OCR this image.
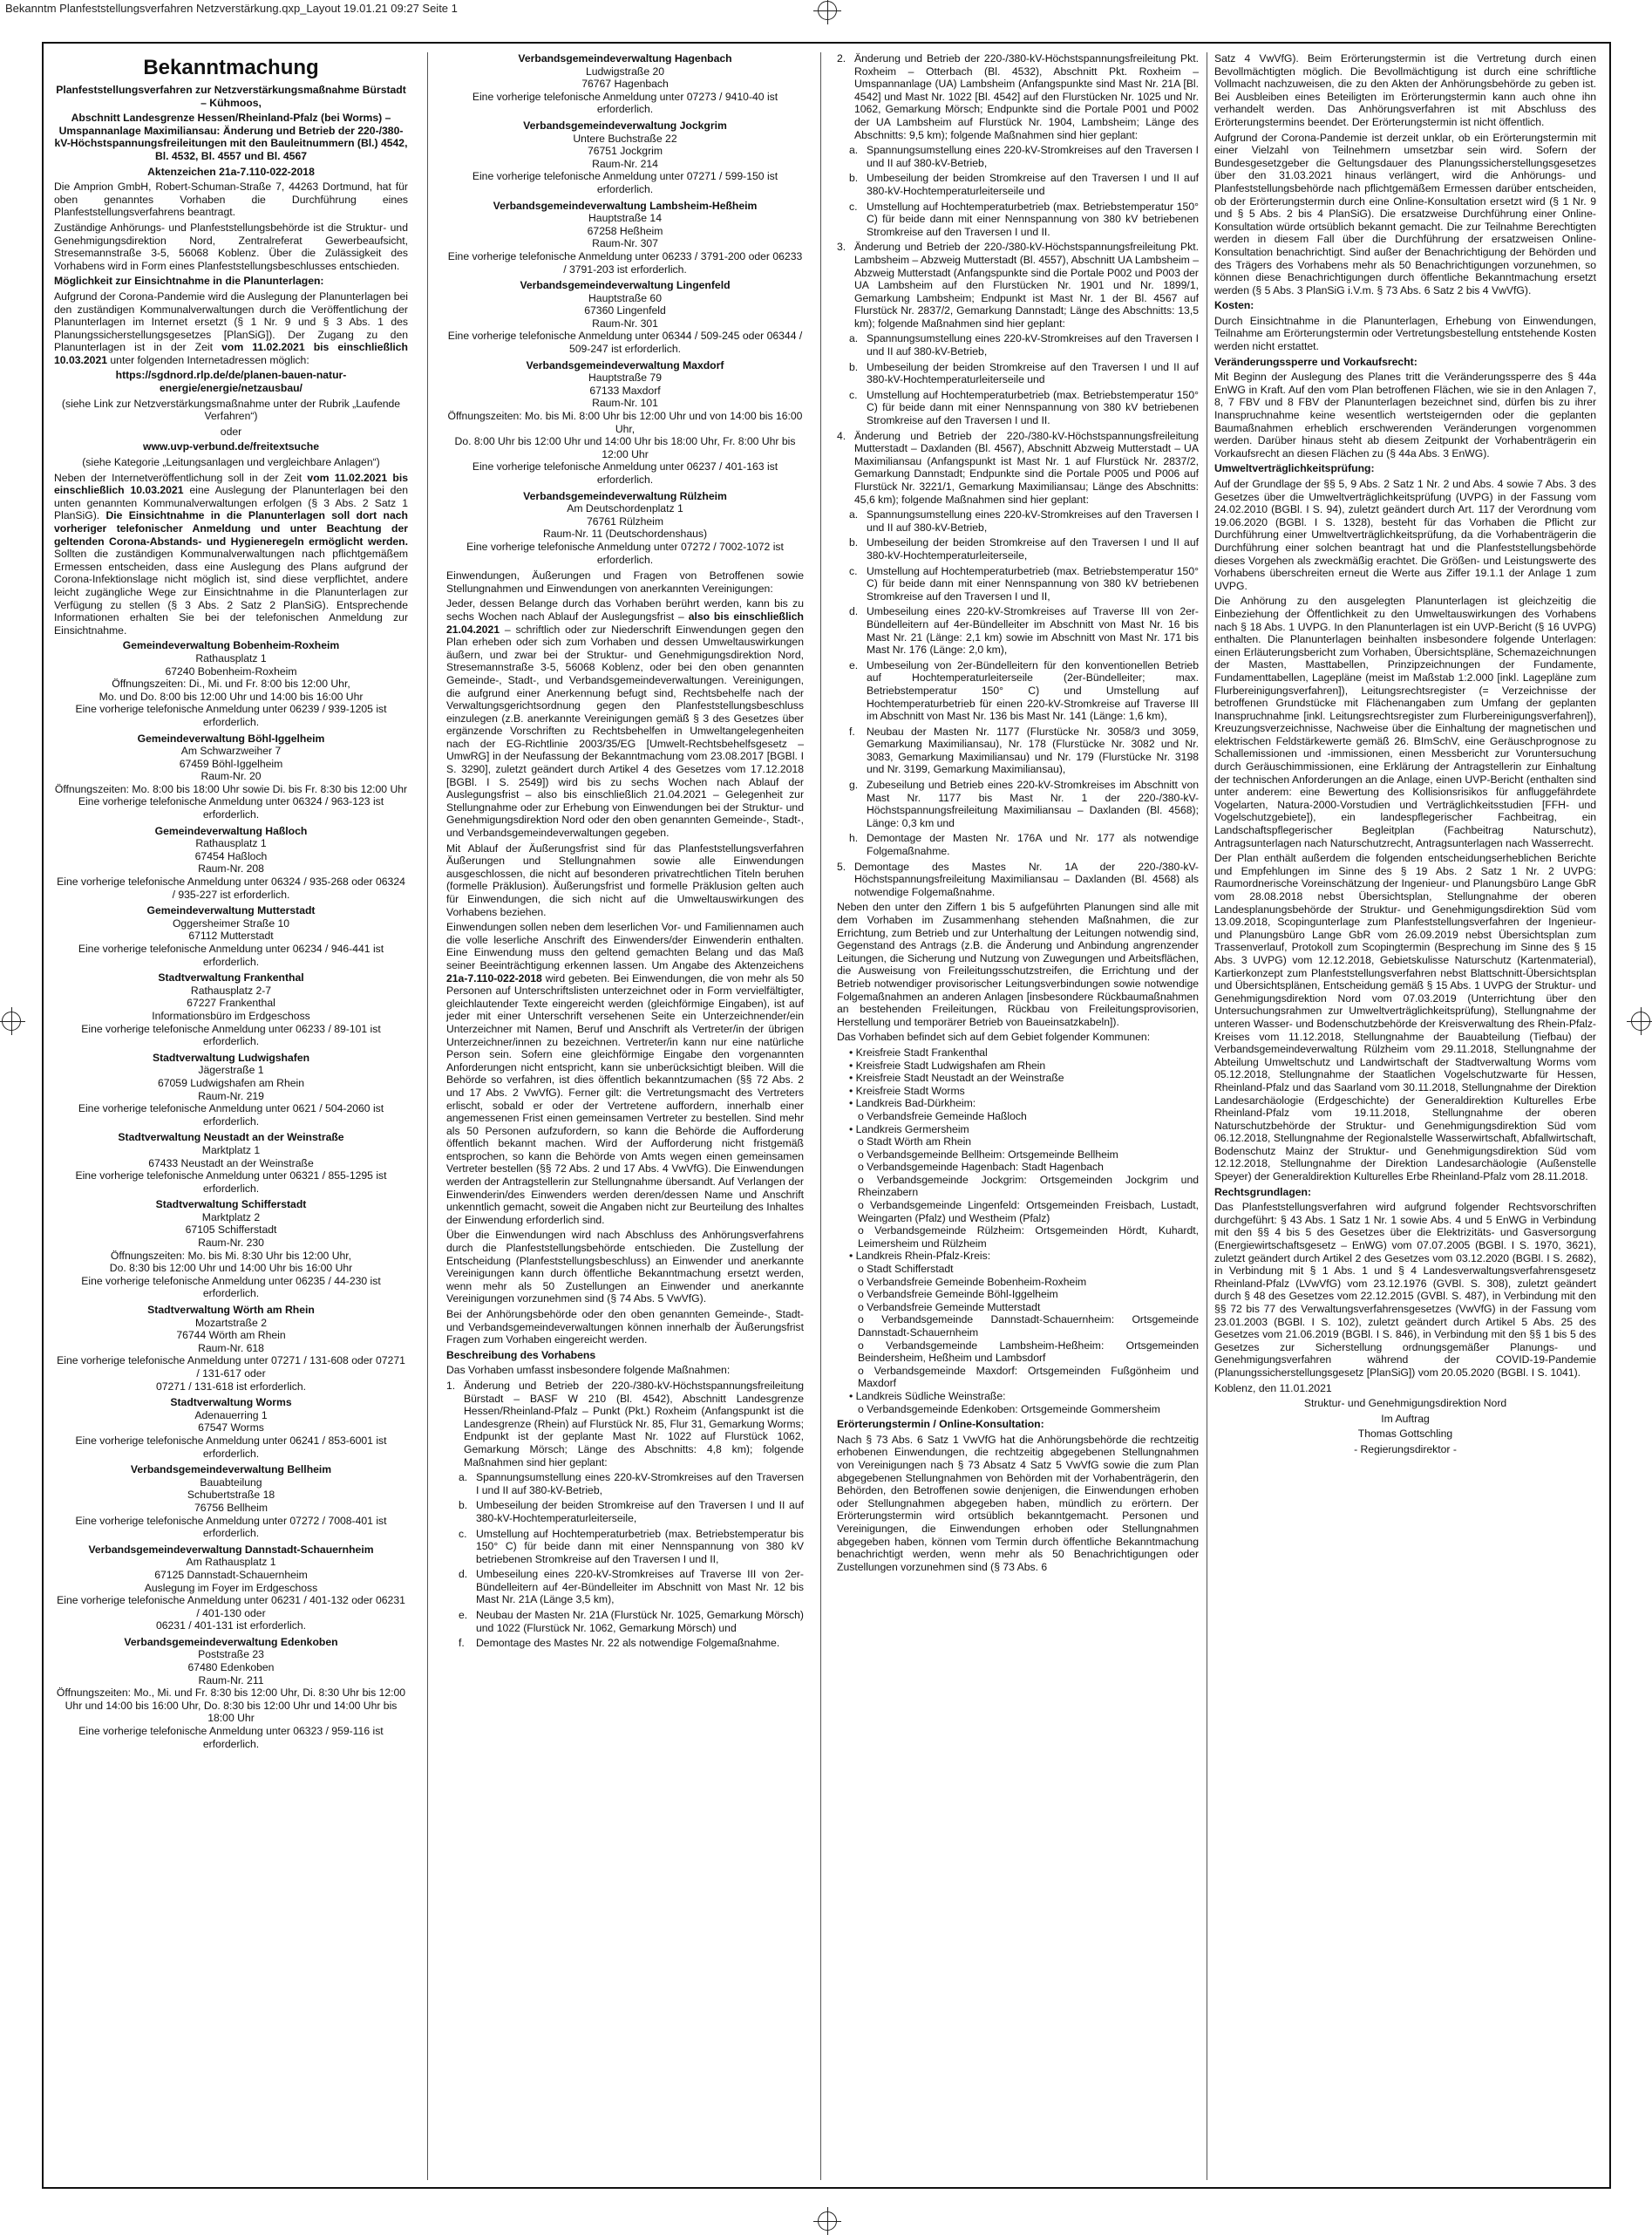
Bekanntm Planfeststellungsverfahren Netzverstärkung.qxp_Layout 19.01.21 09:27 Seite 1
Bekanntmachung

Planfeststellungsverfahren zur Netzverstärkungsmaßnahme Bürstadt – Kühmoos,

Abschnitt Landesgrenze Hessen/Rheinland-Pfalz (bei Worms) – Umspannanlage Maximiliansau: Änderung und Betrieb der 220-/380-kV-Höchstspannungsfreileitungen mit den Bauleitnummern (Bl.) 4542, Bl. 4532, Bl. 4557 und Bl. 4567

Aktenzeichen 21a-7.110-022-2018

Die Amprion GmbH, Robert-Schuman-Straße 7, 44263 Dortmund, hat für oben genanntes Vorhaben die Durchführung eines Planfeststellungsverfahrens beantragt.

Zuständige Anhörungs- und Planfeststellungsbehörde ist die Struktur- und Genehmigungsdirektion Nord, Zentralreferat Gewerbeaufsicht, Stresemannstraße 3-5, 56068 Koblenz. Über die Zulässigkeit des Vorhabens wird in Form eines Planfeststellungsbeschlusses entschieden.

Möglichkeit zur Einsichtnahme in die Planunterlagen:

Aufgrund der Corona-Pandemie wird die Auslegung der Planunterlagen bei den zuständigen Kommunalverwaltungen durch die Veröffentlichung der Planunterlagen im Internet ersetzt (§ 1 Nr. 9 und § 3 Abs. 1 des Planungssicherstellungsgesetzes [PlanSiG]). Der Zugang zu den Planunterlagen ist in der Zeit vom 11.02.2021 bis einschließlich 10.03.2021 unter folgenden Internetadressen möglich:

https://sgdnord.rlp.de/de/planen-bauen-natur-energie/energie/netzausbau/

(siehe Link zur Netzverstärkungsmaßnahme unter der Rubrik „Laufende Verfahren“)

oder

www.uvp-verbund.de/freitextsuche

(siehe Kategorie „Leitungsanlagen und vergleichbare Anlagen“)

Neben der Internetveröffentlichung soll in der Zeit vom 11.02.2021 bis einschließlich 10.03.2021 eine Auslegung der Planunterlagen bei den unten genannten Kommunalverwaltungen erfolgen (§ 3 Abs. 2 Satz 1 PlanSiG). Die Einsichtnahme in die Planunterlagen soll dort nach vorheriger telefonischer Anmeldung und unter Beachtung der geltenden Corona-Abstands- und Hygieneregeln ermöglicht werden. Sollten die zuständigen Kommunalverwaltungen nach pflichtgemäßem Ermessen entscheiden, dass eine Auslegung des Plans aufgrund der Corona-Infektionslage nicht möglich ist, sind diese verpflichtet, andere leicht zugängliche Wege zur Einsichtnahme in die Planunterlagen zur Verfügung zu stellen (§ 3 Abs. 2 Satz 2 PlanSiG). Entsprechende Informationen erhalten Sie bei der telefonischen Anmeldung zur Einsichtnahme.

Gemeindeverwaltung Bobenheim-Roxheim
Rathausplatz 1
67240 Bobenheim-Roxheim
Öffnungszeiten: Di., Mi. und Fr. 8:00 bis 12:00 Uhr,
Mo. und Do. 8:00 bis 12:00 Uhr und 14:00 bis 16:00 Uhr
Eine vorherige telefonische Anmeldung unter 06239 / 939-1205 ist erforderlich.
Gemeindeverwaltung Böhl-Iggelheim
Am Schwarzweiher 7
67459 Böhl-Iggelheim
Raum-Nr. 20
Öffnungszeiten: Mo. 8:00 bis 18:00 Uhr sowie Di. bis Fr. 8:30 bis 12:00 Uhr
Eine vorherige telefonische Anmeldung unter 06324 / 963-123 ist erforderlich.
Gemeindeverwaltung Haßloch
Rathausplatz 1
67454 Haßloch
Raum-Nr. 208
Eine vorherige telefonische Anmeldung unter 06324 / 935-268 oder 06324 / 935-227 ist erforderlich.
Gemeindeverwaltung Mutterstadt
Oggersheimer Straße 10
67112 Mutterstadt
Eine vorherige telefonische Anmeldung unter 06234 / 946-441 ist erforderlich.
Stadtverwaltung Frankenthal
Rathausplatz 2-7
67227 Frankenthal
Informationsbüro im Erdgeschoss
Eine vorherige telefonische Anmeldung unter 06233 / 89-101 ist erforderlich.
Stadtverwaltung Ludwigshafen
Jägerstraße 1
67059 Ludwigshafen am Rhein
Raum-Nr. 219
Eine vorherige telefonische Anmeldung unter 0621 / 504-2060 ist erforderlich.
Stadtverwaltung Neustadt an der Weinstraße
Marktplatz 1
67433 Neustadt an der Weinstraße
Eine vorherige telefonische Anmeldung unter 06321 / 855-1295 ist erforderlich.
Stadtverwaltung Schifferstadt
Marktplatz 2
67105 Schifferstadt
Raum-Nr. 230
Öffnungszeiten: Mo. bis Mi. 8:30 Uhr bis 12:00 Uhr,
Do. 8:30 bis 12:00 Uhr und 14:00 Uhr bis 16:00 Uhr
Eine vorherige telefonische Anmeldung unter 06235 / 44-230 ist erforderlich.
Stadtverwaltung Wörth am Rhein
Mozartstraße 2
76744 Wörth am Rhein
Raum-Nr. 618
Eine vorherige telefonische Anmeldung unter 07271 / 131-608 oder 07271 / 131-617 oder
07271 / 131-618 ist erforderlich.
Stadtverwaltung Worms
Adenauerring 1
67547 Worms
Eine vorherige telefonische Anmeldung unter 06241 / 853-6001 ist erforderlich.
Verbandsgemeindeverwaltung Bellheim
Bauabteilung
Schubertstraße 18
76756 Bellheim
Eine vorherige telefonische Anmeldung unter 07272 / 7008-401 ist erforderlich.
Verbandsgemeindeverwaltung Dannstadt-Schauernheim
Am Rathausplatz 1
67125 Dannstadt-Schauernheim
Auslegung im Foyer im Erdgeschoss
Eine vorherige telefonische Anmeldung unter 06231 / 401-132 oder 06231 / 401-130 oder
06231 / 401-131 ist erforderlich.
Verbandsgemeindeverwaltung Edenkoben
Poststraße 23
67480 Edenkoben
Raum-Nr. 211
Öffnungszeiten: Mo., Mi. und Fr. 8:30 bis 12:00 Uhr, Di. 8:30 Uhr bis 12:00 Uhr und 14:00 bis 16:00 Uhr, Do. 8:30 bis 12:00 Uhr und 14:00 Uhr bis 18:00 Uhr
Eine vorherige telefonische Anmeldung unter 06323 / 959-116 ist erforderlich.
Verbandsgemeindeverwaltung Hagenbach
Ludwigstraße 20
76767 Hagenbach
Eine vorherige telefonische Anmeldung unter 07273 / 9410-40 ist erforderlich.
Verbandsgemeindeverwaltung Jockgrim
Untere Buchstraße 22
76751 Jockgrim
Raum-Nr. 214
Eine vorherige telefonische Anmeldung unter 07271 / 599-150 ist erforderlich.
Verbandsgemeindeverwaltung Lambsheim-Heßheim
Hauptstraße 14
67258 Heßheim
Raum-Nr. 307
Eine vorherige telefonische Anmeldung unter 06233 / 3791-200 oder 06233 / 3791-203 ist erforderlich.
Verbandsgemeindeverwaltung Lingenfeld
Hauptstraße 60
67360 Lingenfeld
Raum-Nr. 301
Eine vorherige telefonische Anmeldung unter 06344 / 509-245 oder 06344 / 509-247 ist erforderlich.
Verbandsgemeindeverwaltung Maxdorf
Hauptstraße 79
67133 Maxdorf
Raum-Nr. 101
Öffnungszeiten: Mo. bis Mi. 8:00 Uhr bis 12:00 Uhr und von 14:00 bis 16:00 Uhr,
Do. 8:00 Uhr bis 12:00 Uhr und 14:00 Uhr bis 18:00 Uhr, Fr. 8:00 Uhr bis 12:00 Uhr
Eine vorherige telefonische Anmeldung unter 06237 / 401-163 ist erforderlich.
Verbandsgemeindeverwaltung Rülzheim
Am Deutschordenplatz 1
76761 Rülzheim
Raum-Nr. 11 (Deutschordenshaus)
Eine vorherige telefonische Anmeldung unter 07272 / 7002-1072 ist erforderlich.

Einwendungen, Äußerungen und Fragen von Betroffenen sowie Stellungnahmen und Einwendungen von anerkannten Vereinigungen:

Jeder, dessen Belange durch das Vorhaben berührt werden, kann bis zu sechs Wochen nach Ablauf der Auslegungsfrist – also bis einschließlich 21.04.2021 – schriftlich oder zur Niederschrift Einwendungen gegen den Plan erheben oder sich zum Vorhaben und dessen Umweltauswirkungen äußern, und zwar bei der Struktur- und Genehmigungsdirektion Nord, Stresemannstraße 3-5, 56068 Koblenz, oder bei den oben genannten Gemeinde-, Stadt-, und Verbandsgemeindeverwaltungen. Vereinigungen, die aufgrund einer Anerkennung befugt sind, Rechtsbehelfe nach der Verwaltungsgerichtsordnung gegen den Planfeststellungsbeschluss einzulegen (z.B. anerkannte Vereinigungen gemäß § 3 des Gesetzes über ergänzende Vorschriften zu Rechtsbehelfen in Umweltangelegenheiten nach der EG-Richtlinie 2003/35/EG [Umwelt-Rechtsbehelfsgesetz – UmwRG] in der Neufassung der Bekanntmachung vom 23.08.2017 [BGBl. I S. 3290], zuletzt geändert durch Artikel 4 des Gesetzes vom 17.12.2018 [BGBl. I S. 2549]) wird bis zu sechs Wochen nach Ablauf der Auslegungsfrist – also bis einschließlich 21.04.2021 – Gelegenheit zur Stellungnahme oder zur Erhebung von Einwendungen bei der Struktur- und Genehmigungsdirektion Nord oder den oben genannten Gemeinde-, Stadt-, und Verbandsgemeindeverwaltungen gegeben.

Mit Ablauf der Äußerungsfrist sind für das Planfeststellungsverfahren Äußerungen und Stellungnahmen sowie alle Einwendungen ausgeschlossen, die nicht auf besonderen privatrechtlichen Titeln beruhen (formelle Präklusion). Äußerungsfrist und formelle Präklusion gelten auch für Einwendungen, die sich nicht auf die Umweltauswirkungen des Vorhabens beziehen.

Einwendungen sollen neben dem leserlichen Vor- und Familiennamen auch die volle leserliche Anschrift des Einwenders/der Einwenderin enthalten. Eine Einwendung muss den geltend gemachten Belang und das Maß seiner Beeinträchtigung erkennen lassen. Um Angabe des Aktenzeichens 21a-7.110-022-2018 wird gebeten. Bei Einwendungen, die von mehr als 50 Personen auf Unterschriftslisten unterzeichnet oder in Form vervielfältigter, gleichlautender Texte eingereicht werden (gleichförmige Eingaben), ist auf jeder mit einer Unterschrift versehenen Seite ein Unterzeichnender/ein Unterzeichner mit Namen, Beruf und Anschrift als Vertreter/in der übrigen Unterzeichner/innen zu bezeichnen. Vertreter/in kann nur eine natürliche Person sein. Sofern eine gleichförmige Eingabe den vorgenannten Anforderungen nicht entspricht, kann sie unberücksichtigt bleiben. Will die Behörde so verfahren, ist dies öffentlich bekanntzumachen (§§ 72 Abs. 2 und 17 Abs. 2 VwVfG). Ferner gilt: die Vertretungsmacht des Vertreters erlischt, sobald er oder der Vertretene auffordern, innerhalb einer angemessenen Frist einen gemeinsamen Vertreter zu bestellen. Sind mehr als 50 Personen aufzufordern, so kann die Behörde die Aufforderung öffentlich bekannt machen. Wird der Aufforderung nicht fristgemäß entsprochen, so kann die Behörde von Amts wegen einen gemeinsamen Vertreter bestellen (§§ 72 Abs. 2 und 17 Abs. 4 VwVfG). Die Einwendungen werden der Antragstellerin zur Stellungnahme übersandt. Auf Verlangen der Einwenderin/des Einwenders werden deren/dessen Name und Anschrift unkenntlich gemacht, soweit die Angaben nicht zur Beurteilung des Inhaltes der Einwendung erforderlich sind.

Über die Einwendungen wird nach Abschluss des Anhörungsverfahrens durch die Planfeststellungsbehörde entschieden. Die Zustellung der Entscheidung (Planfeststellungsbeschluss) an Einwender und anerkannte Vereinigungen kann durch öffentliche Bekanntmachung ersetzt werden, wenn mehr als 50 Zustellungen an Einwender und anerkannte Vereinigungen vorzunehmen sind (§ 74 Abs. 5 VwVfG).

Bei der Anhörungsbehörde oder den oben genannten Gemeinde-, Stadt- und Verbandsgemeindeverwaltungen können innerhalb der Äußerungsfrist Fragen zum Vorhaben eingereicht werden.

Beschreibung des Vorhabens

Das Vorhaben umfasst insbesondere folgende Maßnahmen:

1. Änderung und Betrieb der 220-/380-kV-Höchstspannungsfreileitung Bürstadt – BASF W 210 (Bl. 4542), Abschnitt Landesgrenze Hessen/Rheinland-Pfalz – Punkt (Pkt.) Roxheim (Anfangspunkt ist die Landesgrenze (Rhein) auf Flurstück Nr. 85, Flur 31, Gemarkung Worms; Endpunkt ist der geplante Mast Nr. 1022 auf Flurstück 1062, Gemarkung Mörsch; Länge des Abschnitts: 4,8 km); folgende Maßnahmen sind hier geplant:
a. Spannungsumstellung eines 220-kV-Stromkreises auf den Traversen I und II auf 380-kV-Betrieb,
b. Umbeseilung der beiden Stromkreise auf den Traversen I und II auf 380-kV-Hochtemperaturleiterseile,
c. Umstellung auf Hochtemperaturbetrieb (max. Betriebstemperatur bis 150° C) für beide dann mit einer Nennspannung von 380 kV betriebenen Stromkreise auf den Traversen I und II,
d. Umbeseilung eines 220-kV-Stromkreises auf Traverse III von 2er-Bündelleitern auf 4er-Bündelleiter im Abschnitt von Mast Nr. 12 bis Mast Nr. 21A (Länge 3,5 km),
e. Neubau der Masten Nr. 21A (Flurstück Nr. 1025, Gemarkung Mörsch) und 1022 (Flurstück Nr. 1062, Gemarkung Mörsch) und
f.	Demontage des Mastes Nr. 22 als notwendige Folgemaßnahme.
2. Änderung und Betrieb der 220-/380-kV-Höchstspannungsfreileitung Pkt. Roxheim – Otterbach (Bl. 4532), Abschnitt Pkt. Roxheim – Umspannanlage (UA) Lambsheim (Anfangspunkte sind Mast Nr. 21A [Bl. 4542] und Mast Nr. 1022 [Bl. 4542] auf den Flurstücken Nr. 1025 und Nr. 1062, Gemarkung Mörsch; Endpunkte sind die Portale P001 und P002 der UA Lambsheim auf Flurstück Nr. 1904, Lambsheim; Länge des Abschnitts: 9,5 km); folgende Maßnahmen sind hier geplant:
a. Spannungsumstellung eines 220-kV-Stromkreises auf den Traversen I und II auf 380-kV-Betrieb,
b. Umbeseilung der beiden Stromkreise auf den Traversen I und II auf 380-kV-Hochtemperaturleiterseile und
c. Umstellung auf Hochtemperaturbetrieb (max. Betriebstemperatur 150° C) für beide dann mit einer Nennspannung von 380 kV betriebenen Stromkreise auf den Traversen I und II.
3. Änderung und Betrieb der 220-/380-kV-Höchstspannungsfreileitung Pkt. Lambsheim – Abzweig Mutterstadt (Bl. 4557), Abschnitt UA Lambsheim – Abzweig Mutterstadt (Anfangspunkte sind die Portale P002 und P003 der UA Lambsheim auf den Flurstücken Nr. 1901 und Nr. 1899/1, Gemarkung Lambsheim; Endpunkt ist Mast Nr. 1 der Bl. 4567 auf Flurstück Nr. 2837/2, Gemarkung Dannstadt; Länge des Abschnitts: 13,5 km); folgende Maßnahmen sind hier geplant:
a. Spannungsumstellung eines 220-kV-Stromkreises auf den Traversen I und II auf 380-kV-Betrieb,
b. Umbeseilung der beiden Stromkreise auf den Traversen I und II auf 380-kV-Hochtemperaturleiterseile und
c. Umstellung auf Hochtemperaturbetrieb (max. Betriebstemperatur 150° C) für beide dann mit einer Nennspannung von 380 kV betriebenen Stromkreise auf den Traversen I und II.
4. Änderung und Betrieb der 220-/380-kV-Höchstspannungsfreileitung Mutterstadt – Daxlanden (Bl. 4567), Abschnitt Abzweig Mutterstadt – UA Maximiliansau (Anfangspunkt ist Mast Nr. 1 auf Flurstück Nr. 2837/2, Gemarkung Dannstadt; Endpunkte sind die Portale P005 und P006 auf Flurstück Nr. 3221/1, Gemarkung Maximiliansau; Länge des Abschnitts: 45,6 km); folgende Maßnahmen sind hier geplant:
a. Spannungsumstellung eines 220-kV-Stromkreises auf den Traversen I und II auf 380-kV-Betrieb,
b. Umbeseilung der beiden Stromkreise auf den Traversen I und II auf 380-kV-Hochtemperaturleiterseile,
c. Umstellung auf Hochtemperaturbetrieb (max. Betriebstemperatur 150° C) für beide dann mit einer Nennspannung von 380 kV betriebenen Stromkreise auf den Traversen I und II,
d. Umbeseilung eines 220-kV-Stromkreises auf Traverse III von 2er-Bündelleitern auf 4er-Bündelleiter im Abschnitt von Mast Nr. 16 bis Mast Nr. 21 (Länge: 2,1 km) sowie im Abschnitt von Mast Nr. 171 bis Mast Nr. 176 (Länge: 2,0 km),
e. Umbeseilung von 2er-Bündelleitern für den konventionellen Betrieb auf Hochtemperaturleiterseile (2er-Bündelleiter; max. Betriebstemperatur 150° C) und Umstellung auf Hochtemperaturbetrieb für einen 220-kV-Stromkreise auf Traverse III im Abschnitt von Mast Nr. 136 bis Mast Nr. 141 (Länge: 1,6 km),
f.	Neubau der Masten Nr. 1177 (Flurstücke Nr. 3058/3 und 3059, Gemarkung Maximiliansau), Nr. 178 (Flurstücke Nr. 3082 und Nr. 3083, Gemarkung Maximiliansau) und Nr. 179 (Flurstücke Nr. 3198 und Nr. 3199, Gemarkung Maximiliansau),
g. Zubeseilung und Betrieb eines 220-kV-Stromkreises im Abschnitt von Mast Nr. 1177 bis Mast Nr. 1 der 220-/380-kV-Höchstspannungsfreileitung Maximiliansau – Daxlanden (Bl. 4568); Länge: 0,3 km und
h. Demontage der Masten Nr. 176A und Nr. 177 als notwendige Folgemaßnahme.
5. Demontage des Mastes Nr. 1A der 220-/380-kV-Höchstspannungsfreileitung Maximiliansau – Daxlanden (Bl. 4568) als notwendige Folgemaßnahme.

Neben den unter den Ziffern 1 bis 5 aufgeführten Planungen sind alle mit dem Vorhaben im Zusammenhang stehenden Maßnahmen, die zur Errichtung, zum Betrieb und zur Unterhaltung der Leitungen notwendig sind, Gegenstand des Antrags (z.B. die Änderung und Anbindung angrenzender Leitungen, die Sicherung und Nutzung von Zuwegungen und Arbeitsflächen, die Ausweisung von Freileitungsschutzstreifen, die Errichtung und der Betrieb notwendiger provisorischer Leitungsverbindungen sowie notwendige Folgemaßnahmen an anderen Anlagen [insbesondere Rückbaumaßnahmen an bestehenden Freileitungen, Rückbau von Freileitungsprovisorien, Herstellung und temporärer Betrieb von Baueinsatzkabeln]).

Das Vorhaben befindet sich auf dem Gebiet folgender Kommunen:

• Kreisfreie Stadt Frankenthal
• Kreisfreie Stadt Ludwigshafen am Rhein
• Kreisfreie Stadt Neustadt an der Weinstraße
• Kreisfreie Stadt Worms
• Landkreis Bad-Dürkheim:
o Verbandsfreie Gemeinde Haßloch
• Landkreis Germersheim
o Stadt Wörth am Rhein
o Verbandsgemeinde Bellheim: Ortsgemeinde Bellheim
o Verbandsgemeinde Hagenbach: Stadt Hagenbach
o Verbandsgemeinde Jockgrim: Ortsgemeinden Jockgrim und Rheinzabern
o Verbandsgemeinde Lingenfeld: Ortsgemeinden Freisbach, Lustadt, Weingarten (Pfalz) und Westheim (Pfalz)
o Verbandsgemeinde Rülzheim: Ortsgemeinden Hördt, Kuhardt, Leimersheim und Rülzheim
• Landkreis Rhein-Pfalz-Kreis:
o Stadt Schifferstadt
o Verbandsfreie Gemeinde Bobenheim-Roxheim
o Verbandsfreie Gemeinde Böhl-Iggelheim
o Verbandsfreie Gemeinde Mutterstadt
o Verbandsgemeinde Dannstadt-Schauernheim: Ortsgemeinde Dannstadt-Schauernheim
o Verbandsgemeinde Lambsheim-Heßheim: Ortsgemeinden Beindersheim, Heßheim und Lambsdorf
o Verbandsgemeinde Maxdorf: Ortsgemeinden Fußgönheim und Maxdorf
• Landkreis Südliche Weinstraße:
o Verbandsgemeinde Edenkoben: Ortsgemeinde Gommersheim

Erörterungstermin / Online-Konsultation:

Nach § 73 Abs. 6 Satz 1 VwVfG hat die Anhörungsbehörde die rechtzeitig erhobenen Einwendungen, die rechtzeitig abgegebenen Stellungnahmen von Vereinigungen nach § 73 Absatz 4 Satz 5 VwVfG sowie die zum Plan abgegebenen Stellungnahmen von Behörden mit der Vorhabenträgerin, den Behörden, den Betroffenen sowie denjenigen, die Einwendungen erhoben oder Stellungnahmen abgegeben haben, mündlich zu erörtern. Der Erörterungstermin wird ortsüblich bekanntgemacht. Personen und Vereinigungen, die Einwendungen erhoben oder Stellungnahmen abgegeben haben, können vom Termin durch öffentliche Bekanntmachung benachrichtigt werden, wenn mehr als 50 Benachrichtigungen oder Zustellungen vorzunehmen sind (§ 73 Abs. 6

Satz 4 VwVfG). Beim Erörterungstermin ist die Vertretung durch einen Bevollmächtigten möglich. Die Bevollmächtigung ist durch eine schriftliche Vollmacht nachzuweisen, die zu den Akten der Anhörungsbehörde zu geben ist. Bei Ausbleiben eines Beteiligten im Erörterungstermin kann auch ohne ihn verhandelt werden. Das Anhörungsverfahren ist mit Abschluss des Erörterungstermins beendet. Der Erörterungstermin ist nicht öffentlich.

Aufgrund der Corona-Pandemie ist derzeit unklar, ob ein Erörterungstermin mit einer Vielzahl von Teilnehmern umsetzbar sein wird. Sofern der Bundesgesetzgeber die Geltungsdauer des Planungssicherstellungsgesetzes über den 31.03.2021 hinaus verlängert, wird die Anhörungs- und Planfeststellungsbehörde nach pflichtgemäßem Ermessen darüber entscheiden, ob der Erörterungstermin durch eine Online-Konsultation ersetzt wird (§ 1 Nr. 9 und § 5 Abs. 2 bis 4 PlanSiG). Die ersatzweise Durchführung einer Online-Konsultation würde ortsüblich bekannt gemacht. Die zur Teilnahme Berechtigten werden in diesem Fall über die Durchführung der ersatzweisen Online-Konsultation benachrichtigt. Sind außer der Benachrichtigung der Behörden und des Trägers des Vorhabens mehr als 50 Benachrichtigungen vorzunehmen, so können diese Benachrichtigungen durch öffentliche Bekanntmachung ersetzt werden (§ 5 Abs. 3 PlanSiG i.V.m. § 73 Abs. 6 Satz 2 bis 4 VwVfG).

Kosten:

Durch Einsichtnahme in die Planunterlagen, Erhebung von Einwendungen, Teilnahme am Erörterungstermin oder Vertretungsbestellung entstehende Kosten werden nicht erstattet.

Veränderungssperre und Vorkaufsrecht:

Mit Beginn der Auslegung des Planes tritt die Veränderungssperre des § 44a EnWG in Kraft. Auf den vom Plan betroffenen Flächen, wie sie in den Anlagen 7, 8, 7 FBV und 8 FBV der Planunterlagen bezeichnet sind, dürfen bis zu ihrer Inanspruchnahme keine wesentlich wertsteigernden oder die geplanten Baumaßnahmen erheblich erschwerenden Veränderungen vorgenommen werden. Darüber hinaus steht ab diesem Zeitpunkt der Vorhabenträgerin ein Vorkaufsrecht an diesen Flächen zu (§ 44a Abs. 3 EnWG).

Umweltverträglichkeitsprüfung:

Auf der Grundlage der §§ 5, 9 Abs. 2 Satz 1 Nr. 2 und Abs. 4 sowie 7 Abs. 3 des Gesetzes über die Umweltverträglichkeitsprüfung (UVPG) in der Fassung vom 24.02.2010 (BGBl. I S. 94), zuletzt geändert durch Art. 117 der Verordnung vom 19.06.2020 (BGBl. I S. 1328), besteht für das Vorhaben die Pflicht zur Durchführung einer Umweltverträglichkeitsprüfung, da die Vorhabenträgerin die Durchführung einer solchen beantragt hat und die Planfeststellungsbehörde dieses Vorgehen als zweckmäßig erachtet. Die Größen- und Leistungswerte des Vorhabens überschreiten erneut die Werte aus Ziffer 19.1.1 der Anlage 1 zum UVPG.

Die Anhörung zu den ausgelegten Planunterlagen ist gleichzeitig die Einbeziehung der Öffentlichkeit zu den Umweltauswirkungen des Vorhabens nach § 18 Abs. 1 UVPG. In den Planunterlagen ist ein UVP-Bericht (§ 16 UVPG) enthalten. Die Planunterlagen beinhalten insbesondere folgende Unterlagen: einen Erläuterungsbericht zum Vorhaben, Übersichtspläne, Schemazeichnungen der Masten, Masttabellen, Prinzipzeichnungen der Fundamente, Fundamenttabellen, Lagepläne (meist im Maßstab 1:2.000 [inkl. Lagepläne zum Flurbereinigungsverfahren]), Leitungsrechtsregister (= Verzeichnisse der betroffenen Grundstücke mit Flächenangaben zum Umfang der geplanten Inanspruchnahme [inkl. Leitungsrechtsregister zum Flurbereinigungsverfahren]), Kreuzungsverzeichnisse, Nachweise über die Einhaltung der magnetischen und elektrischen Feldstärkewerte gemäß 26. BImSchV, eine Geräuschprognose zu Schallemissionen und -immissionen, einen Messbericht zur Voruntersuchung durch Geräuschimmissionen, eine Erklärung der Antragstellerin zur Einhaltung der technischen Anforderungen an die Anlage, einen UVP-Bericht (enthalten sind unter anderem: eine Bewertung des Kollisionsrisikos für anfluggefährdete Vogelarten, Natura-2000-Vorstudien und Verträglichkeitsstudien [FFH- und Vogelschutzgebiete]), ein landespflegerischer Fachbeitrag, ein Landschaftspflegerischer Begleitplan (Fachbeitrag Naturschutz), Antragsunterlagen nach Naturschutzrecht, Antragsunterlagen nach Wasserrecht.

Der Plan enthält außerdem die folgenden entscheidungserheblichen Berichte und Empfehlungen im Sinne des § 19 Abs. 2 Satz 1 Nr. 2 UVPG: Raumordnerische Voreinschätzung der Ingenieur- und Planungsbüro Lange GbR vom 28.08.2018 nebst Übersichtsplan, Stellungnahme der oberen Landesplanungsbehörde der Struktur- und Genehmigungsdirektion Süd vom 13.09.2018, Scopingunterlage zum Planfeststellungsverfahren der Ingenieur- und Planungsbüro Lange GbR vom 26.09.2019 nebst Übersichtsplan zum Trassenverlauf, Protokoll zum Scopingtermin (Besprechung im Sinne des § 15 Abs. 3 UVPG) vom 12.12.2018, Gebietskulisse Naturschutz (Kartenmaterial), Kartierkonzept zum Planfeststellungsverfahren nebst Blattschnitt-Übersichtsplan und Übersichtsplänen, Entscheidung gemäß § 15 Abs. 1 UVPG der Struktur- und Genehmigungsdirektion Nord vom 07.03.2019 (Unterrichtung über den Untersuchungsrahmen zur Umweltverträglichkeitsprüfung), Stellungnahme der unteren Wasser- und Bodenschutzbehörde der Kreisverwaltung des Rhein-Pfalz-Kreises vom 11.12.2018, Stellungnahme der Bauabteilung (Tiefbau) der Verbandsgemeindeverwaltung Rülzheim vom 29.11.2018, Stellungnahme der Abteilung Umweltschutz und Landwirtschaft der Stadtverwaltung Worms vom 05.12.2018, Stellungnahme der Staatlichen Vogelschutzwarte für Hessen, Rheinland-Pfalz und das Saarland vom 30.11.2018, Stellungnahme der Direktion Landesarchäologie (Erdgeschichte) der Generaldirektion Kulturelles Erbe Rheinland-Pfalz vom 19.11.2018, Stellungnahme der oberen Naturschutzbehörde der Struktur- und Genehmigungsdirektion Süd vom 06.12.2018, Stellungnahme der Regionalstelle Wasserwirtschaft, Abfallwirtschaft, Bodenschutz Mainz der Struktur- und Genehmigungsdirektion Süd vom 12.12.2018, Stellungnahme der Direktion Landesarchäologie (Außenstelle Speyer) der Generaldirektion Kulturelles Erbe Rheinland-Pfalz vom 28.11.2018.

Rechtsgrundlagen:

Das Planfeststellungsverfahren wird aufgrund folgender Rechtsvorschriften durchgeführt: § 43 Abs. 1 Satz 1 Nr. 1 sowie Abs. 4 und 5 EnWG in Verbindung mit den §§ 4 bis 5 des Gesetzes über die Elektrizitäts- und Gasversorgung (Energiewirtschaftsgesetz – EnWG) vom 07.07.2005 (BGBl. I S. 1970, 3621), zuletzt geändert durch Artikel 2 des Gesetzes vom 03.12.2020 (BGBl. I S. 2682), in Verbindung mit § 1 Abs. 1 und § 4 Landesverwaltungsverfahrensgesetz Rheinland-Pfalz (LVwVfG) vom 23.12.1976 (GVBl. S. 308), zuletzt geändert durch § 48 des Gesetzes vom 22.12.2015 (GVBl. S. 487), in Verbindung mit den §§ 72 bis 77 des Verwaltungsverfahrensgesetzes (VwVfG) in der Fassung vom 23.01.2003 (BGBl. I S. 102), zuletzt geändert durch Artikel 5 Abs. 25 des Gesetzes vom 21.06.2019 (BGBl. I S. 846), in Verbindung mit den §§ 1 bis 5 des Gesetzes zur Sicherstellung ordnungsgemäßer Planungs- und Genehmigungsverfahren während der COVID-19-Pandemie (Planungssicherstellungsgesetz [PlanSiG]) vom 20.05.2020 (BGBl. I S. 1041).

Koblenz, den 11.01.2021

Struktur- und Genehmigungsdirektion Nord

Im Auftrag

Thomas Gottschling

- Regierungsdirektor -
